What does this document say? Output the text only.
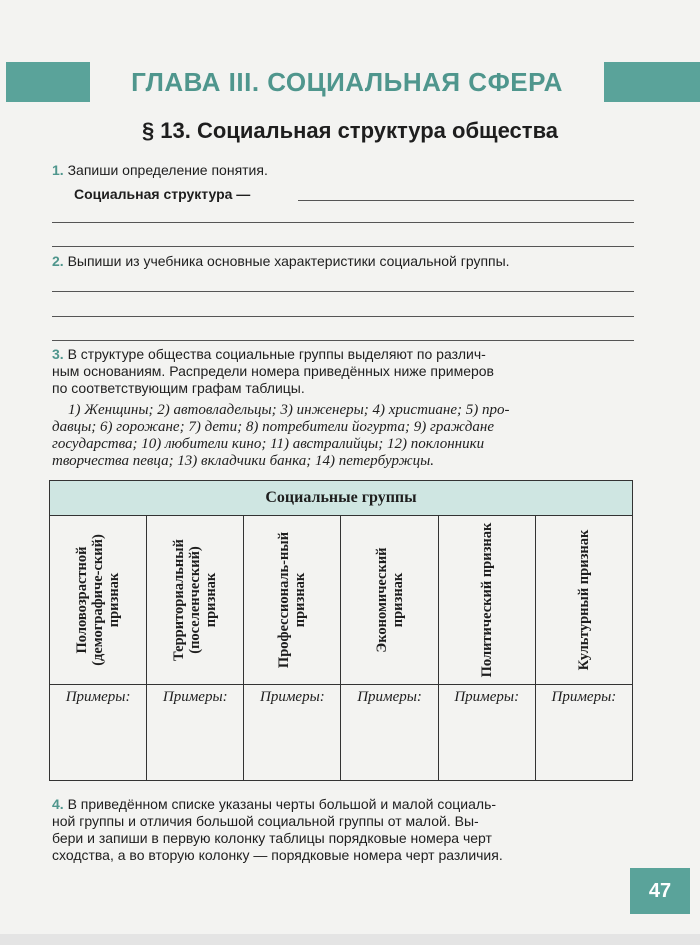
ГЛАВА III. СОЦИАЛЬНАЯ СФЕРА
§ 13. Социальная структура общества
1. Запиши определение понятия.
Социальная структура —
2. Выпиши из учебника основные характеристики социальной группы.
3. В структуре общества социальные группы выделяют по различ-
ным основаниям. Распредели номера приведённых ниже примеров
по соответствующим графам таблицы.
1) Женщины; 2) автовладельцы; 3) инженеры; 4) христиане; 5) про-
давцы; 6) горожане; 7) дети; 8) потребители йогурта; 9) граждане
государства; 10) любители кино; 11) австралийцы; 12) поклонники
творчества певца; 13) вкладчики банка; 14) петербуржцы.
Социальные группы					

Половозрастной (демографиче-ский) признак	Территориальный (поселенческий) признак	Профессиональ-ный признак	Экономический признак	Политический признак	Культурный признак

Примеры:	Примеры:	Примеры:	Примеры:	Примеры:	Примеры:
4. В приведённом списке указаны черты большой и малой социаль-
ной группы и отличия большой социальной группы от малой. Вы-
бери и запиши в первую колонку таблицы порядковые номера черт
сходства, а во вторую колонку — порядковые номера черт различия.
47
